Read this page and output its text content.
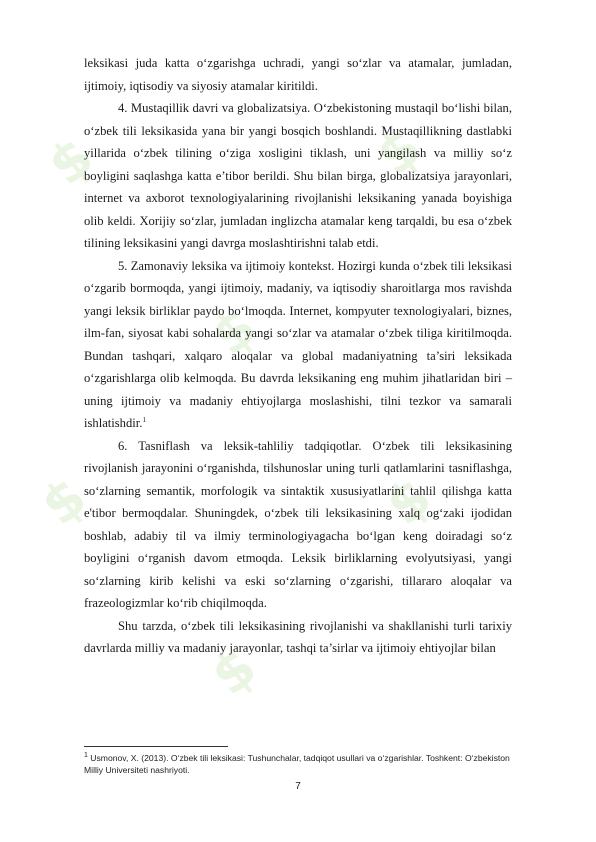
$	$
$
$	$
$

leksikasi juda katta o‘zgarishga uchradi, yangi so‘zlar va atamalar, jumladan, ijtimoiy, iqtisodiy va siyosiy atamalar kiritildi.

4. Mustaqillik davri va globalizatsiya. O‘zbekistoning mustaqil bo‘lishi bilan, o‘zbek tili leksikasida yana bir yangi bosqich boshlandi. Mustaqillikning dastlabki yillarida o‘zbek tilining o‘ziga xosligini tiklash, uni yangilash va milliy so‘z boyligini saqlashga katta e’tibor berildi. Shu bilan birga, globalizatsiya jarayonlari, internet va axborot texnologiyalarining rivojlanishi leksikaning yanada boyishiga olib keldi. Xorijiy so‘zlar, jumladan inglizcha atamalar keng tarqaldi, bu esa o‘zbek tilining leksikasini yangi davrga moslashtirishni talab etdi.

5. Zamonaviy leksika va ijtimoiy kontekst. Hozirgi kunda o‘zbek tili leksikasi o‘zgarib bormoqda, yangi ijtimoiy, madaniy, va iqtisodiy sharoitlarga mos ravishda yangi leksik birliklar paydo bo‘lmoqda. Internet, kompyuter texnologiyalari, biznes, ilm-fan, siyosat kabi sohalarda yangi so‘zlar va atamalar o‘zbek tiliga kiritilmoqda. Bundan tashqari, xalqaro aloqalar va global madaniyatning ta’siri leksikada o‘zgarishlarga olib kelmoqda. Bu davrda leksikaning eng muhim jihatlaridan biri – uning ijtimoiy va madaniy ehtiyojlarga moslashishi, tilni tezkor va samarali ishlatishdir.$^1$

6. Tasniflash va leksik-tahliliy tadqiqotlar. O‘zbek tili leksikasining rivojlanish jarayonini o‘rganishda, tilshunoslar uning turli qatlamlarini tasniflashga, so‘zlarning semantik, morfologik va sintaktik xususiyatlarini tahlil qilishga katta e'tibor bermoqdalar. Shuningdek, o‘zbek tili leksikasining xalq og‘zaki ijodidan boshlab, adabiy til va ilmiy terminologiyagacha bo‘lgan keng doiradagi so‘z boyligini o‘rganish davom etmoqda. Leksik birliklarning evolyutsiyasi, yangi so‘zlarning kirib kelishi va eski so‘zlarning o‘zgarishi, tillararo aloqalar va frazeologizmlar ko‘rib chiqilmoqda.

Shu tarzda, o‘zbek tili leksikasining rivojlanishi va shakllanishi turli tarixiy davrlarda milliy va madaniy jarayonlar, tashqi ta’sirlar va ijtimoiy ehtiyojlar bilan

$^1$ Usmonov, X. (2013). O‘zbek tili leksikasi: Tushunchalar, tadqiqot usullari va o‘zgarishlar. Toshkent: O‘zbekiston Milliy Universiteti nashriyoti.
7
